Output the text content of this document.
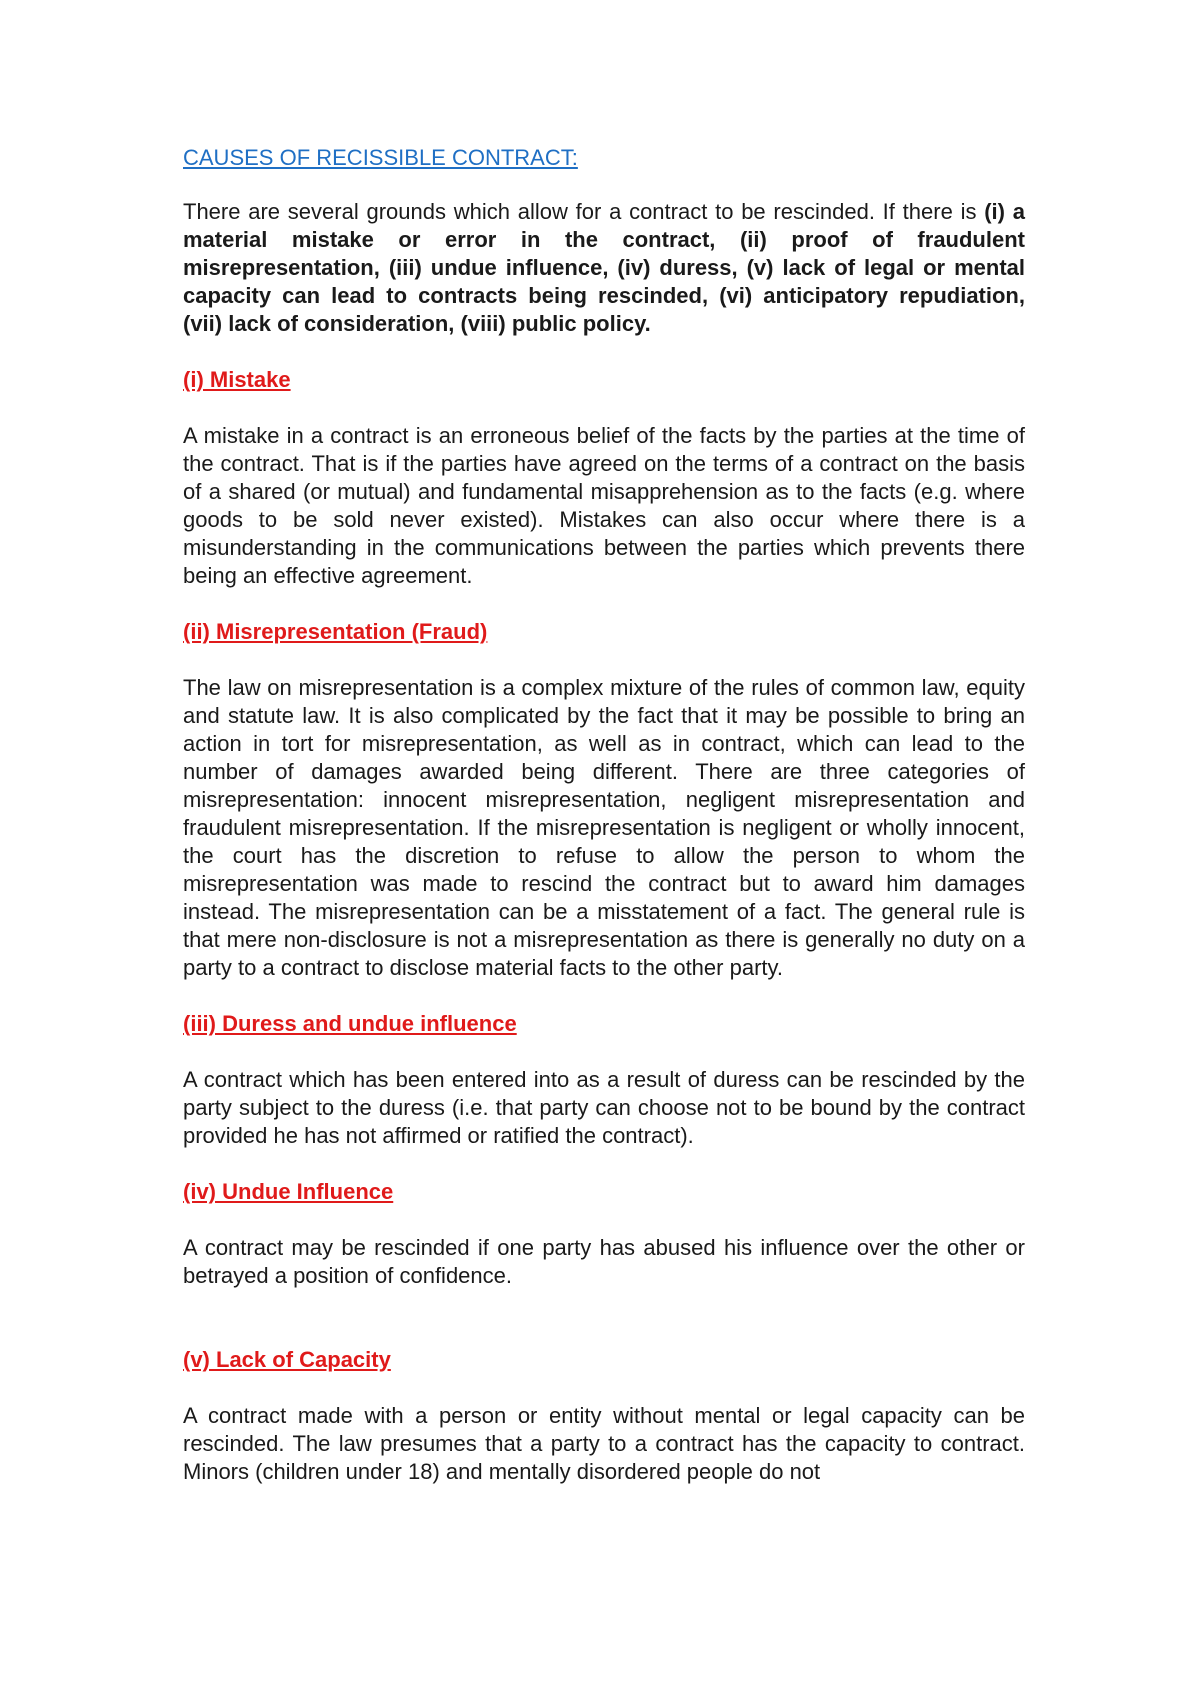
CAUSES OF RECISSIBLE CONTRACT:

There are several grounds which allow for a contract to be rescinded. If there is (i) a material mistake or error in the contract, (ii) proof of fraudulent misrepresentation, (iii) undue influence, (iv) duress, (v) lack of legal or mental capacity can lead to contracts being rescinded, (vi) anticipatory repudiation, (vii) lack of consideration, (viii) public policy.

(i) Mistake

A mistake in a contract is an erroneous belief of the facts by the parties at the time of the contract. That is if the parties have agreed on the terms of a contract on the basis of a shared (or mutual) and fundamental misapprehension as to the facts (e.g. where goods to be sold never existed). Mistakes can also occur where there is a misunderstanding in the communications between the parties which prevents there being an effective agreement.

(ii) Misrepresentation (Fraud)

The law on misrepresentation is a complex mixture of the rules of common law, equity and statute law. It is also complicated by the fact that it may be possible to bring an action in tort for misrepresentation, as well as in contract, which can lead to the number of damages awarded being different. There are three categories of misrepresentation: innocent misrepresentation, negligent misrepresentation and fraudulent misrepresentation. If the misrepresentation is negligent or wholly innocent, the court has the discretion to refuse to allow the person to whom the misrepresentation was made to rescind the contract but to award him damages instead. The misrepresentation can be a misstatement of a fact. The general rule is that mere non-disclosure is not a misrepresentation as there is generally no duty on a party to a contract to disclose material facts to the other party.

(iii) Duress and undue influence

A contract which has been entered into as a result of duress can be rescinded by the party subject to the duress (i.e. that party can choose not to be bound by the contract provided he has not affirmed or ratified the contract).

(iv) Undue Influence

A contract may be rescinded if one party has abused his influence over the other or betrayed a position of confidence.

(v) Lack of Capacity

A contract made with a person or entity without mental or legal capacity can be rescinded. The law presumes that a party to a contract has the capacity to contract. Minors (children under 18) and mentally disordered people do not
